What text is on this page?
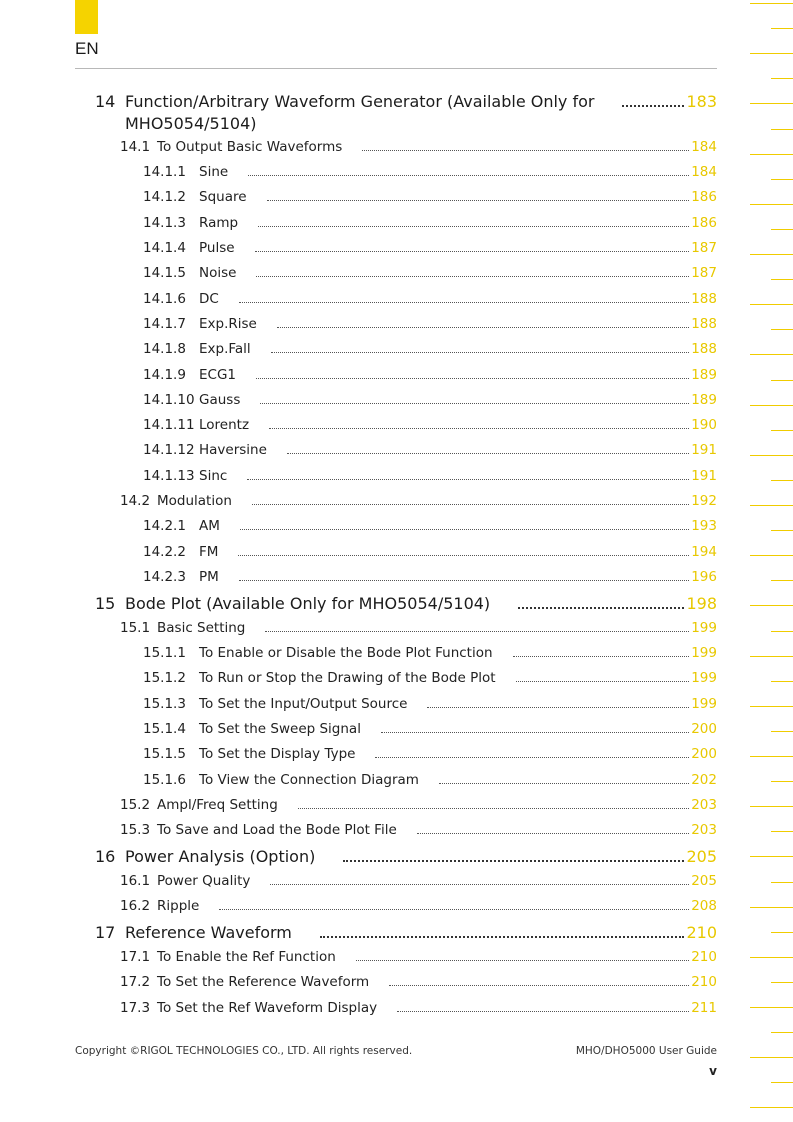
EN
14 Function/Arbitrary Waveform Generator (Available Only for	183
MHO5054/5104)
14.1 To Output Basic Waveforms	184
14.1.1 Sine	184
14.1.2 Square	186
14.1.3 Ramp	186
14.1.4 Pulse	187
14.1.5 Noise	187
14.1.6 DC	188
14.1.7 Exp.Rise	188
14.1.8 Exp.Fall	188
14.1.9 ECG1	189
14.1.10 Gauss	189
14.1.11 Lorentz	190
14.1.12 Haversine	191
14.1.13 Sinc	191
14.2 Modulation	192
14.2.1 AM	193
14.2.2 FM	194
14.2.3 PM	196
15 Bode Plot (Available Only for MHO5054/5104)	198
15.1 Basic Setting	199
15.1.1 To Enable or Disable the Bode Plot Function	199
15.1.2 To Run or Stop the Drawing of the Bode Plot	199
15.1.3 To Set the Input/Output Source	199
15.1.4 To Set the Sweep Signal	200
15.1.5 To Set the Display Type	200
15.1.6 To View the Connection Diagram	202
15.2 Ampl/Freq Setting	203
15.3 To Save and Load the Bode Plot File	203
16 Power Analysis (Option)	205
16.1 Power Quality	205
16.2 Ripple	208
17 Reference Waveform	210
17.1 To Enable the Ref Function	210
17.2 To Set the Reference Waveform	210
17.3 To Set the Ref Waveform Display	211
Copyright ©RIGOL TECHNOLOGIES CO., LTD. All rights reserved.	MHO/DHO5000 User Guide
v
